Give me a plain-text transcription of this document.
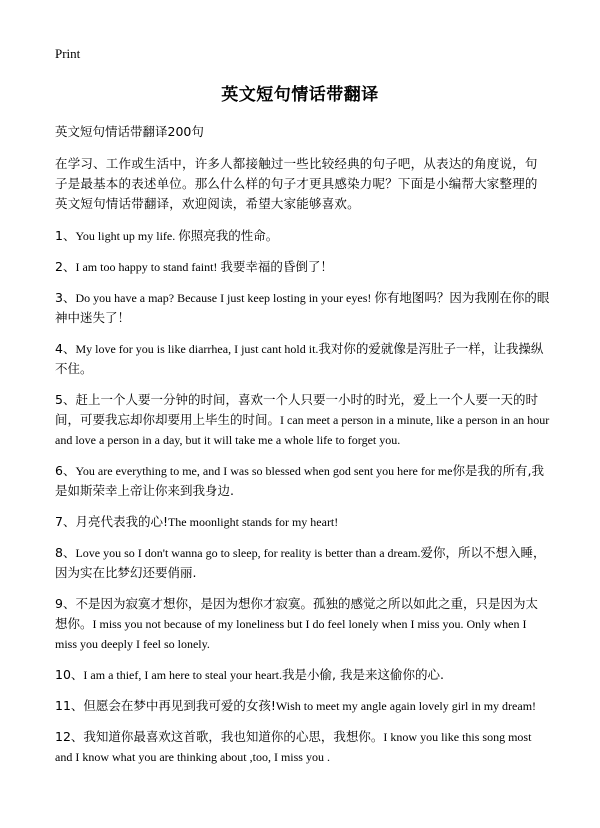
Print
英文短句情话带翻译

英文短句情话带翻译200句

在学习、工作或生活中，许多人都接触过一些比较经典的句子吧，从表达的角度说，句子是最基本的表述单位。那么什么样的句子才更具感染力呢？下面是小编帮大家整理的英文短句情话带翻译，欢迎阅读，希望大家能够喜欢。

1、You light up my life. 你照亮我的性命。

2、I am too happy to stand faint! 我要幸福的昏倒了！

3、Do you have a map? Because I just keep losting in your eyes! 你有地图吗？因为我刚在你的眼神中迷失了！

4、My love for you is like diarrhea, I just cant hold it.我对你的爱就像是泻肚子一样，让我操纵不住。

5、赶上一个人要一分钟的时间，喜欢一个人只要一小时的时光，爱上一个人要一天的时间，可要我忘却你却要用上毕生的时间。I can meet a person in a minute, like a person in an hour and love a person in a day, but it will take me a whole life to forget you.

6、You are everything to me, and I was so blessed when god sent you here for me你是我的所有,我是如斯荣幸上帝让你来到我身边.

7、月亮代表我的心!The moonlight stands for my heart!

8、Love you so I don't wanna go to sleep, for reality is better than a dream.爱你，所以不想入睡，因为实在比梦幻还要俏丽.

9、不是因为寂寞才想你，是因为想你才寂寞。孤独的感觉之所以如此之重，只是因为太想你。I miss you not because of my loneliness but I do feel lonely when I miss you. Only when I miss you deeply I feel so lonely.

10、I am a thief, I am here to steal your heart.我是小偷, 我是来这偷你的心.

11、但愿会在梦中再见到我可爱的女孩!Wish to meet my angle again lovely girl in my dream!

12、我知道你最喜欢这首歌，我也知道你的心思，我想你。I know you like this song most and I know what you are thinking about ,too, I miss you .
